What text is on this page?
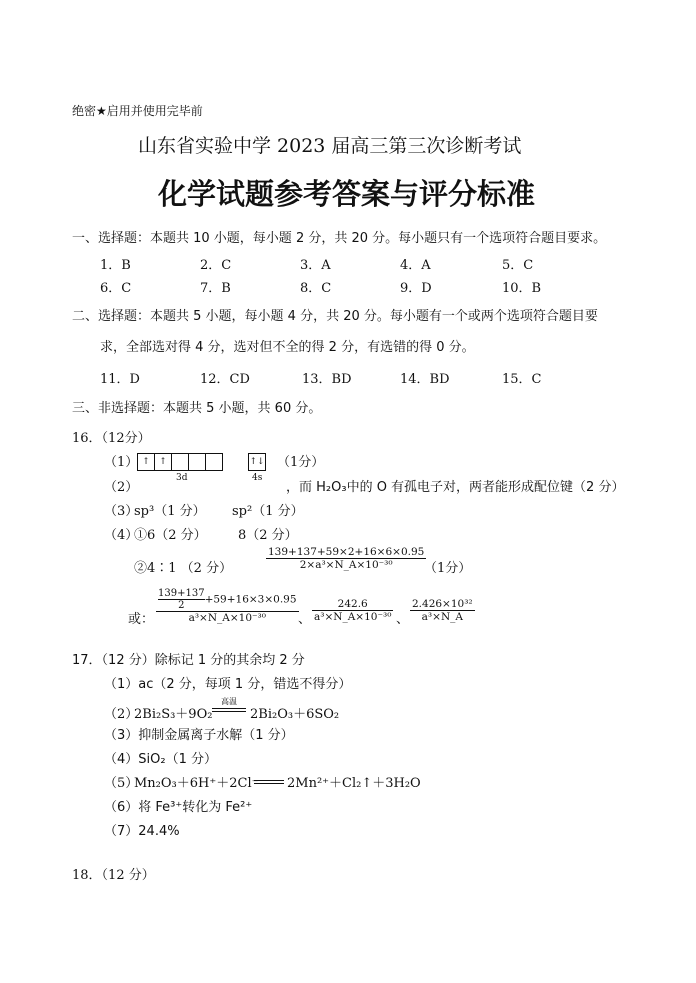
绝密★启用并使用完毕前
山东省实验中学 2023 届高三第三次诊断考试
化学试题参考答案与评分标准
一、选择题：本题共 10 小题，每小题 2 分，共 20 分。每小题只有一个选项符合题目要求。
1．B	2．C	3．A	4．A	5．C
6．C	7．B	8．C	9．D	10．B
二、选择题：本题共 5 小题，每小题 4 分，共 20 分。每小题有一个或两个选项符合题目要
求，全部选对得 4 分，选对但不全的得 2 分，有选错的得 0 分。
11．D	12．CD	13．BD	14．BD	15．C
三、非选择题：本题共 5 小题，共 60 分。
16．（12分）
（1） ↑ ↑	↑↓ （1分）
（2）
3d	4s
，而 H₂O₃中的 O 有孤电子对，两者能形成配位键（2 分）
（3）
sp³（1 分） sp²（1 分）
（4）
①6（2 分） 8（2 分）
②4∶1 （2 分）	$\frac{139+137+59\times 2+16\times 6\times 0.95}{\text{2×a³×N\_A×10⁻³⁰}}$
（1分）
或： $\frac{\frac{139+137}{2} +59+16\times 3\times 0.95}{\text{a³×N\_A×10⁻³⁰}}$ 、 $\frac{242.6}{\text{a³×N\_A×10⁻³⁰}}$ 、 $\frac{\text{2.426×10³²}}{\text{a³×N\_A}}$
17．（12 分）除标记 1 分的其余均 2 分
（1）ac（2 分，每项 1 分，错选不得分）
（2）
2Bi₂S₃＋9O₂
高温
2Bi₂O₃＋6SO₂
（3）抑制金属离子水解（1 分）
（4）SiO₂（1 分）
（5）
Mn₂O₃＋6H⁺＋2Cl⁻ 2Mn²⁺＋Cl₂↑＋3H₂O
（6）将 Fe³⁺转化为 Fe²⁺
（7）24.4%
18．（12 分）
